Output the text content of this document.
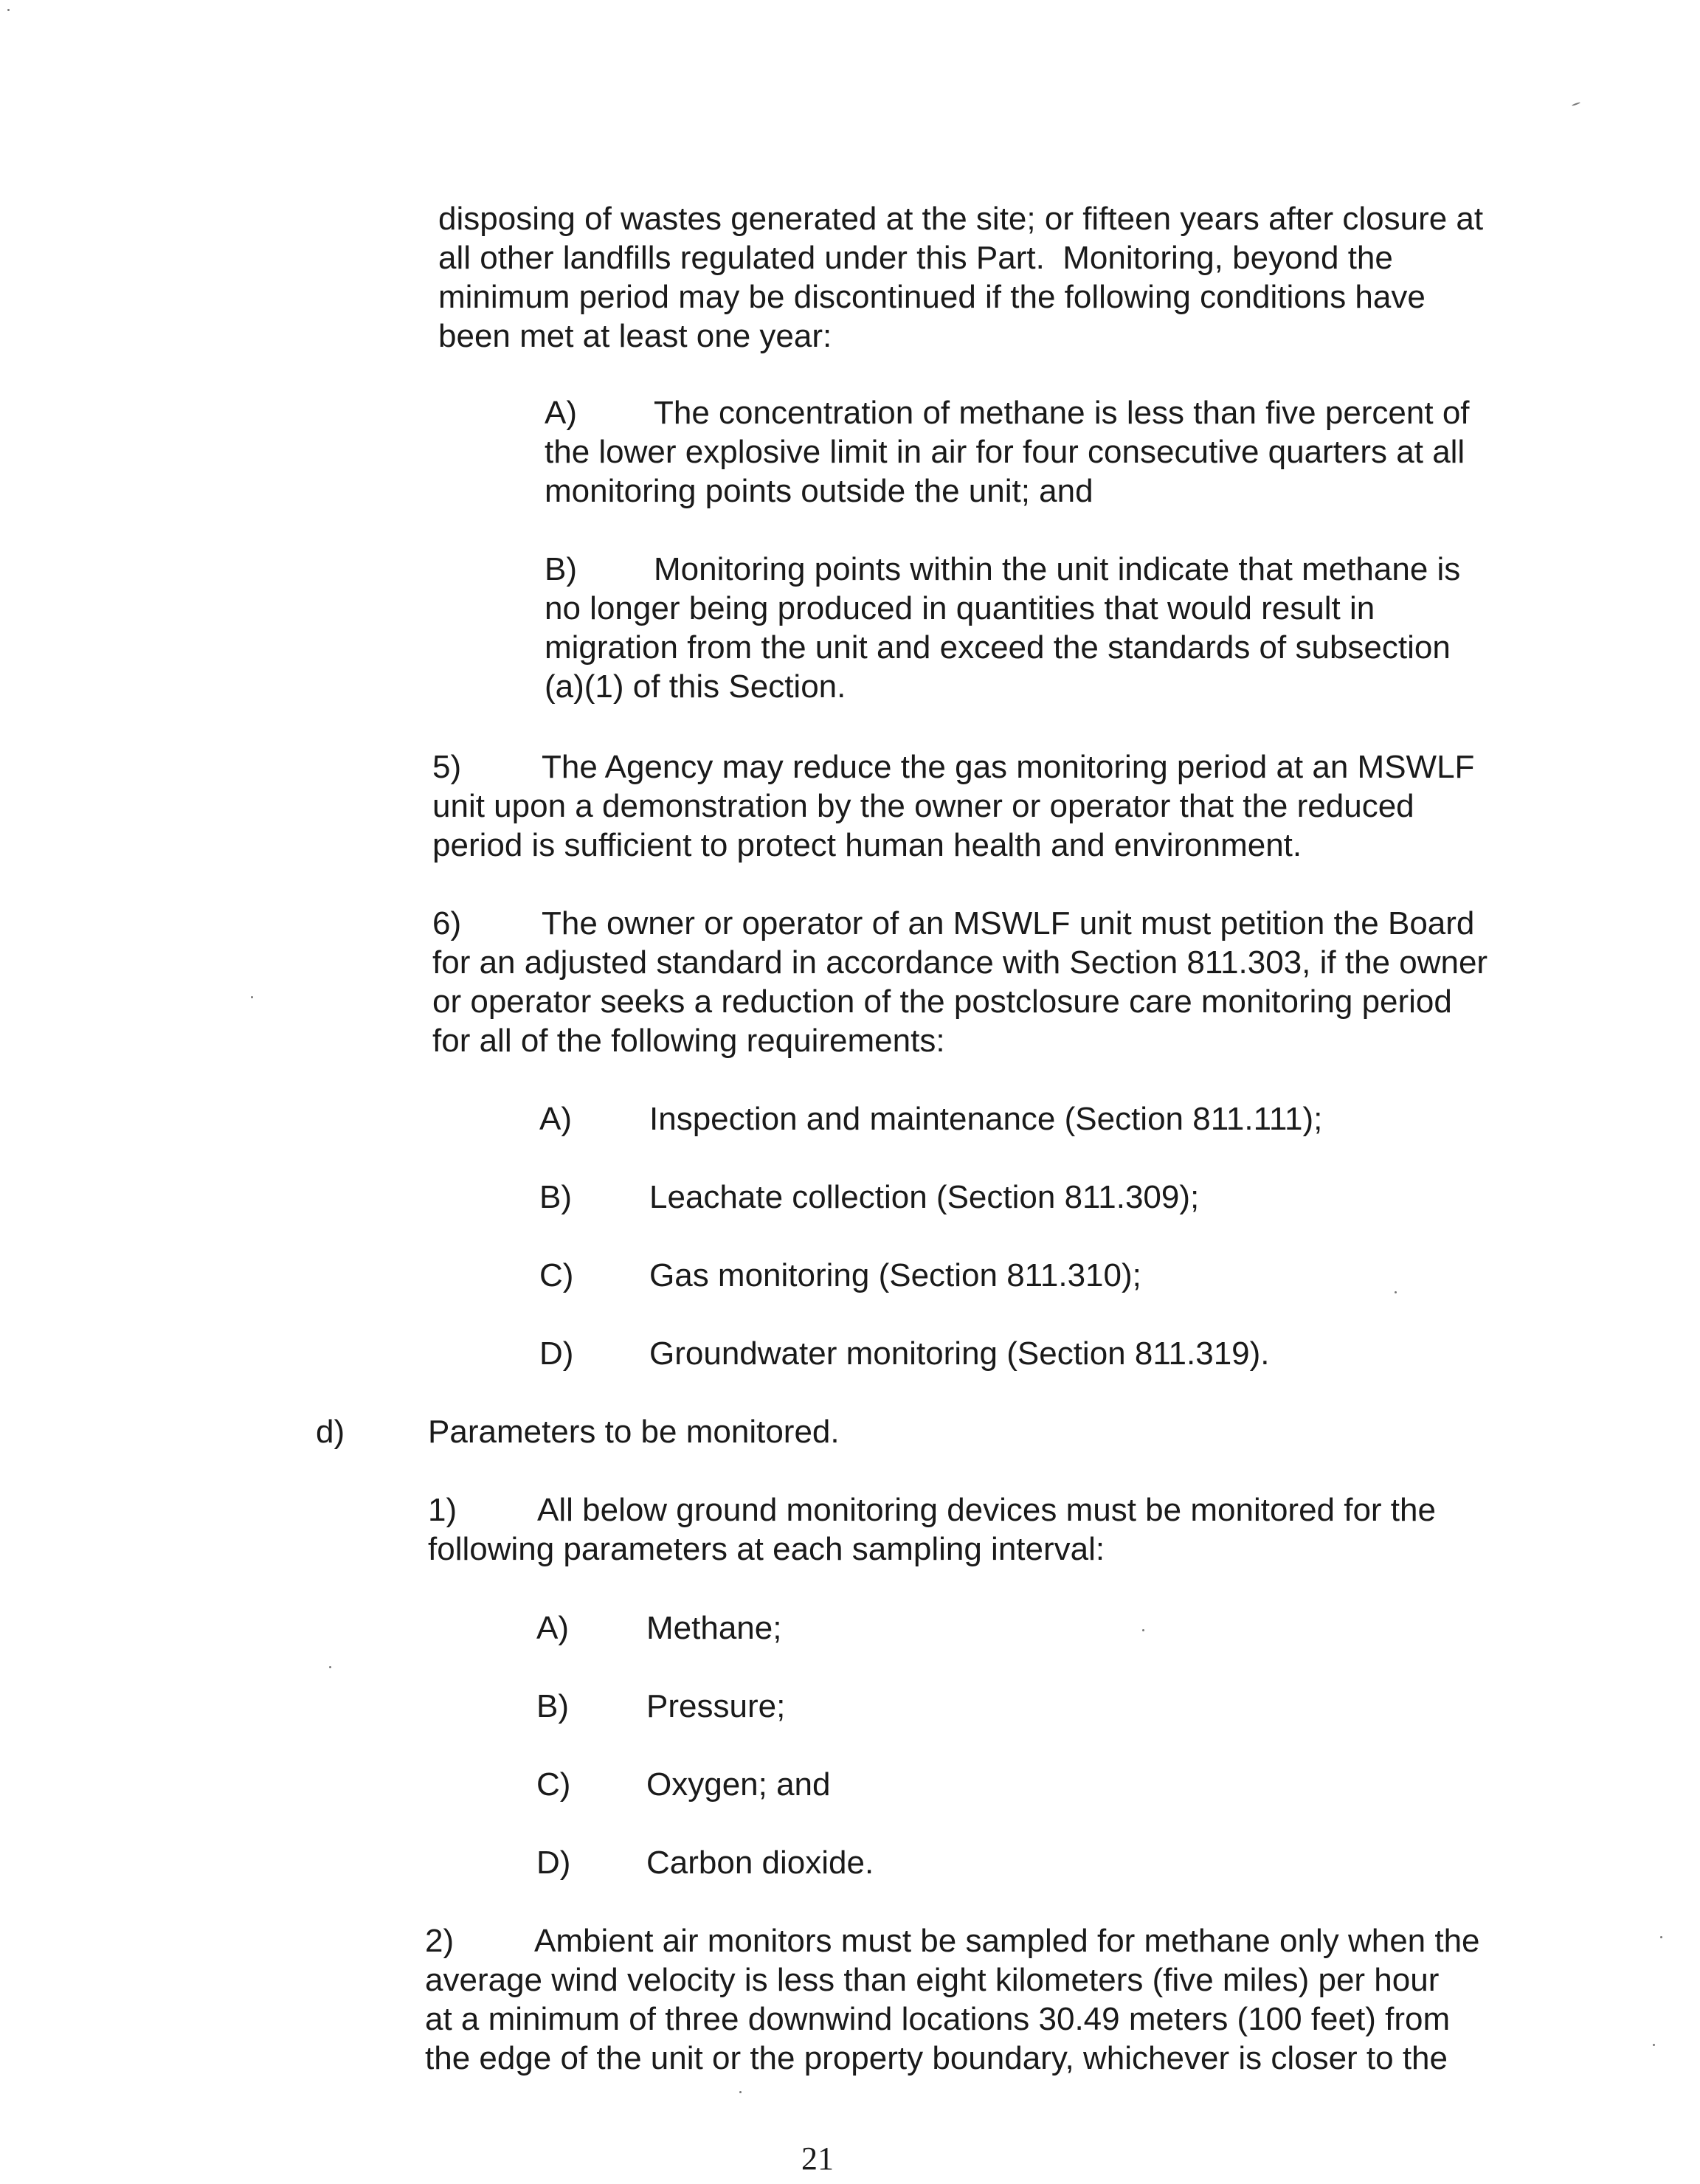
disposing of wastes generated at the site; or fifteen years after closure at
all other landfills regulated under this Part.  Monitoring, beyond the
minimum period may be discontinued if the following conditions have
been met at least one year:

A)	The concentration of methane is less than five percent of
the lower explosive limit in air for four consecutive quarters at all
monitoring points outside the unit; and

B)	Monitoring points within the unit indicate that methane is
no longer being produced in quantities that would result in
migration from the unit and exceed the standards of subsection
(a)(1) of this Section.

5)	The Agency may reduce the gas monitoring period at an MSWLF
unit upon a demonstration by the owner or operator that the reduced
period is sufficient to protect human health and environment.

6)	The owner or operator of an MSWLF unit must petition the Board
for an adjusted standard in accordance with Section 811.303, if the owner
or operator seeks a reduction of the postclosure care monitoring period
for all of the following requirements:

A) Inspection and maintenance (Section 811.111);
B) Leachate collection (Section 811.309);
C) Gas monitoring (Section 811.310);
D) Groundwater monitoring (Section 811.319).
d)	Parameters to be monitored.
1)	All below ground monitoring devices must be monitored for the
following parameters at each sampling interval:

A) Methane;
B) Pressure;
C) Oxygen; and
D) Carbon dioxide.
2)	Ambient air monitors must be sampled for methane only when the
average wind velocity is less than eight kilometers (five miles) per hour
at a minimum of three downwind locations 30.49 meters (100 feet) from
the edge of the unit or the property boundary, whichever is closer to the

21
